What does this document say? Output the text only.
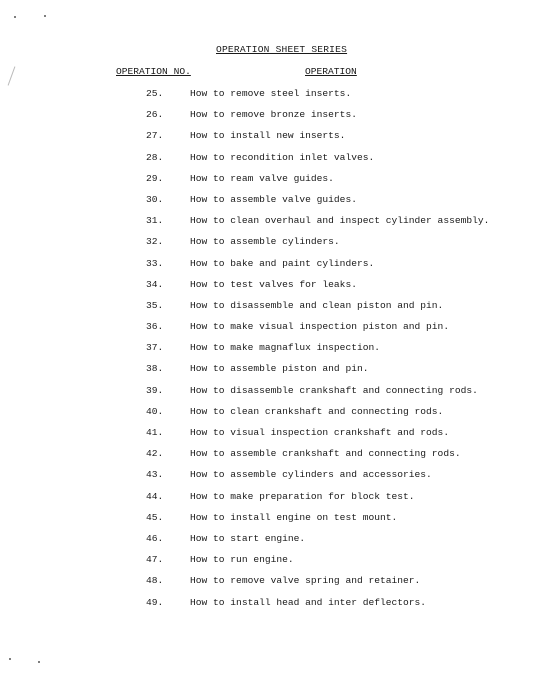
OPERATION SHEET SERIES
OPERATION NO.	OPERATION
25.	How to remove steel inserts.
26.	How to remove bronze inserts.
27.	How to install new inserts.
28.	How to recondition inlet valves.
29.	How to ream valve guides.
30.	How to assemble valve guides.
31.	How to clean overhaul and inspect cylinder assembly.
32.	How to assemble cylinders.
33.	How to bake and paint cylinders.
34.	How to test valves for leaks.
35.	How to disassemble and clean piston and pin.
36.	How to make visual inspection piston and pin.
37.	How to make magnaflux inspection.
38.	How to assemble piston and pin.
39.	How to disassemble crankshaft and connecting rods.
40.	How to clean crankshaft and connecting rods.
41.	How to visual inspection crankshaft and rods.
42.	How to assemble crankshaft and connecting rods.
43.	How to assemble cylinders and accessories.
44.	How to make preparation for block test.
45.	How to install engine on test mount.
46.	How to start engine.
47.	How to run engine.
48.	How to remove valve spring and retainer.
49.	How to install head and inter deflectors.
